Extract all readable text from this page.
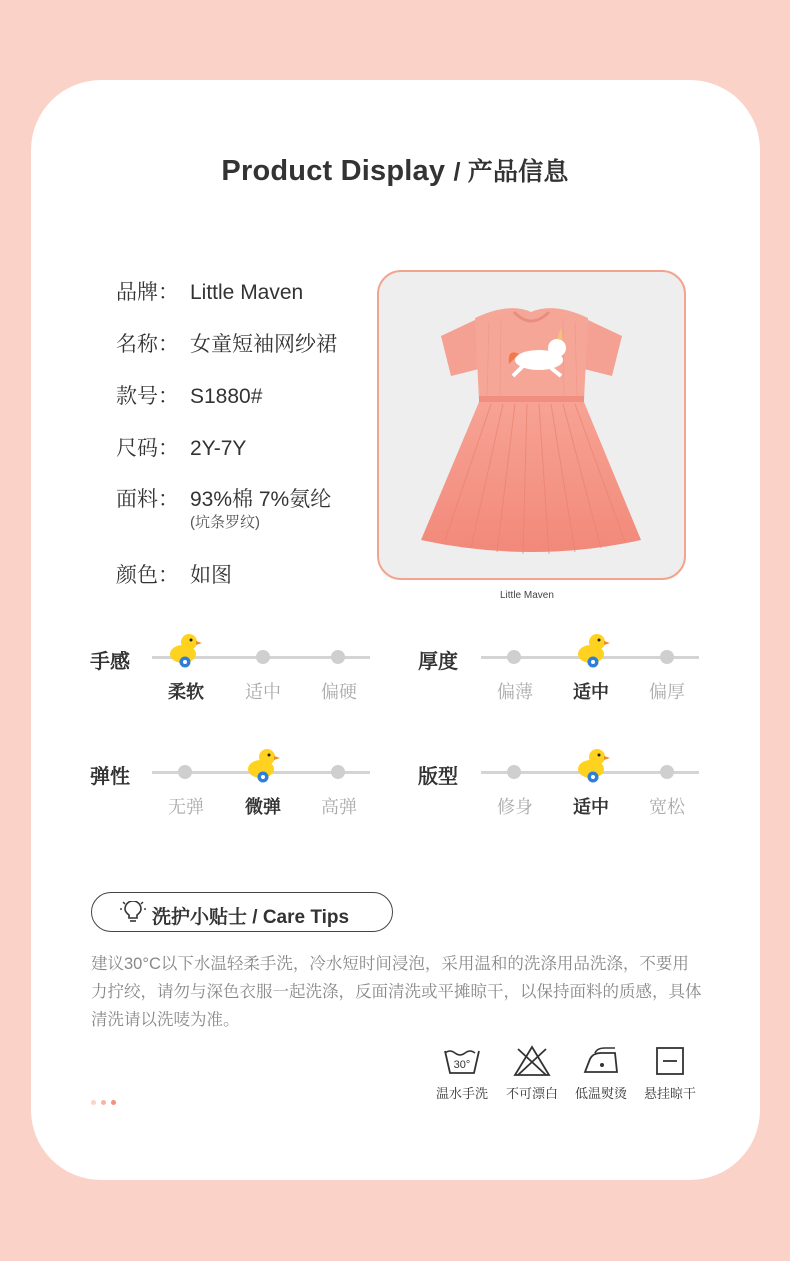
Product Display / 产品信息
品牌： Little Maven
名称： 女童短袖网纱裙
款号： S1880#
尺码： 2Y-7Y
面料： 93%棉 7%氨纶
(坑条罗纹)
颜色： 如图
Little Maven
手感
柔软	适中	偏硬
厚度
偏薄	适中	偏厚
弹性
无弹	微弹	高弹
版型
修身	适中	宽松
洗护小贴士 / Care Tips
建议30°C以下水温轻柔手洗，冷水短时间浸泡，采用温和的洗涤用品洗涤，不要用力拧绞，请勿与深色衣服一起洗涤，反面清洗或平摊晾干，以保持面料的质感，具体清洗请以洗唛为准。
30°
温水手洗	不可漂白	低温熨烫	悬挂晾干
